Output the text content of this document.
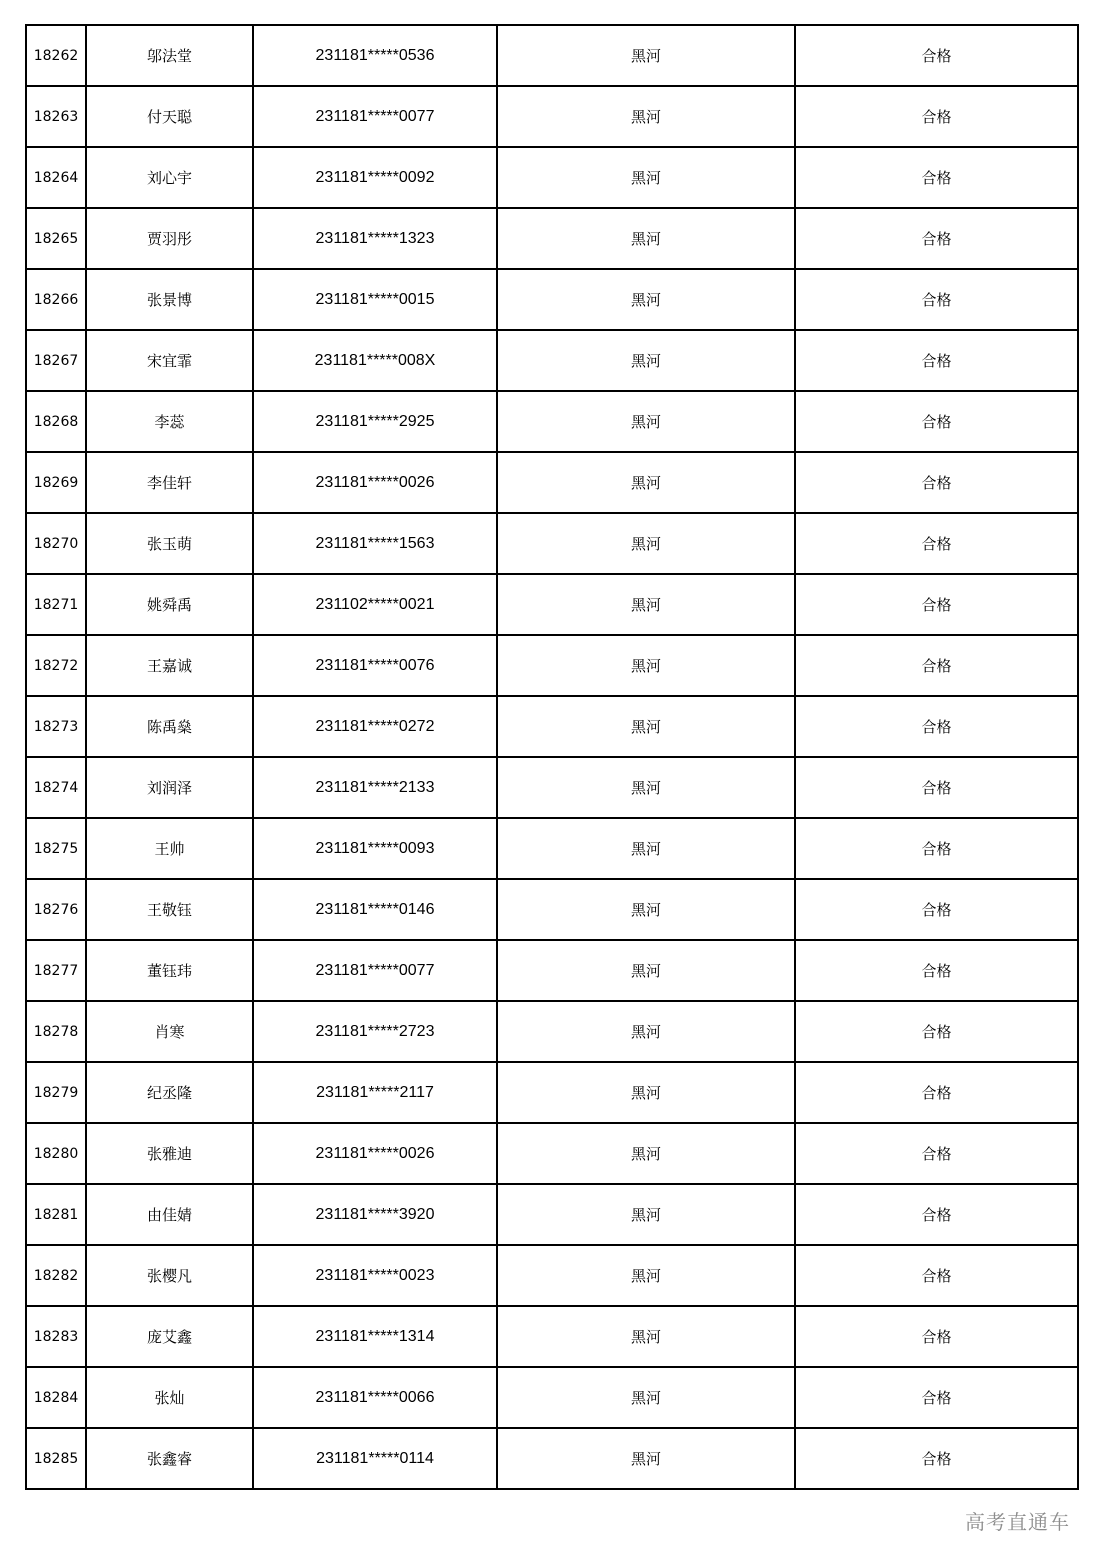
18262	邬法堂	231181*****0536	黑河	合格
18263	付天聪	231181*****0077	黑河	合格
18264	刘心宇	231181*****0092	黑河	合格
18265	贾羽彤	231181*****1323	黑河	合格
18266	张景博	231181*****0015	黑河	合格
18267	宋宜霏	231181*****008X	黑河	合格
18268	李蕊	231181*****2925	黑河	合格
18269	李佳轩	231181*****0026	黑河	合格
18270	张玉萌	231181*****1563	黑河	合格
18271	姚舜禹	231102*****0021	黑河	合格
18272	王嘉诚	231181*****0076	黑河	合格
18273	陈禹燊	231181*****0272	黑河	合格
18274	刘润泽	231181*****2133	黑河	合格
18275	王帅	231181*****0093	黑河	合格
18276	王敬钰	231181*****0146	黑河	合格
18277	董钰玮	231181*****0077	黑河	合格
18278	肖寒	231181*****2723	黑河	合格
18279	纪丞隆	231181*****2117	黑河	合格
18280	张雅迪	231181*****0026	黑河	合格
18281	由佳婧	231181*****3920	黑河	合格
18282	张樱凡	231181*****0023	黑河	合格
18283	庞艾鑫	231181*****1314	黑河	合格
18284	张灿	231181*****0066	黑河	合格
18285	张鑫睿	231181*****0114	黑河	合格
高考直通车
